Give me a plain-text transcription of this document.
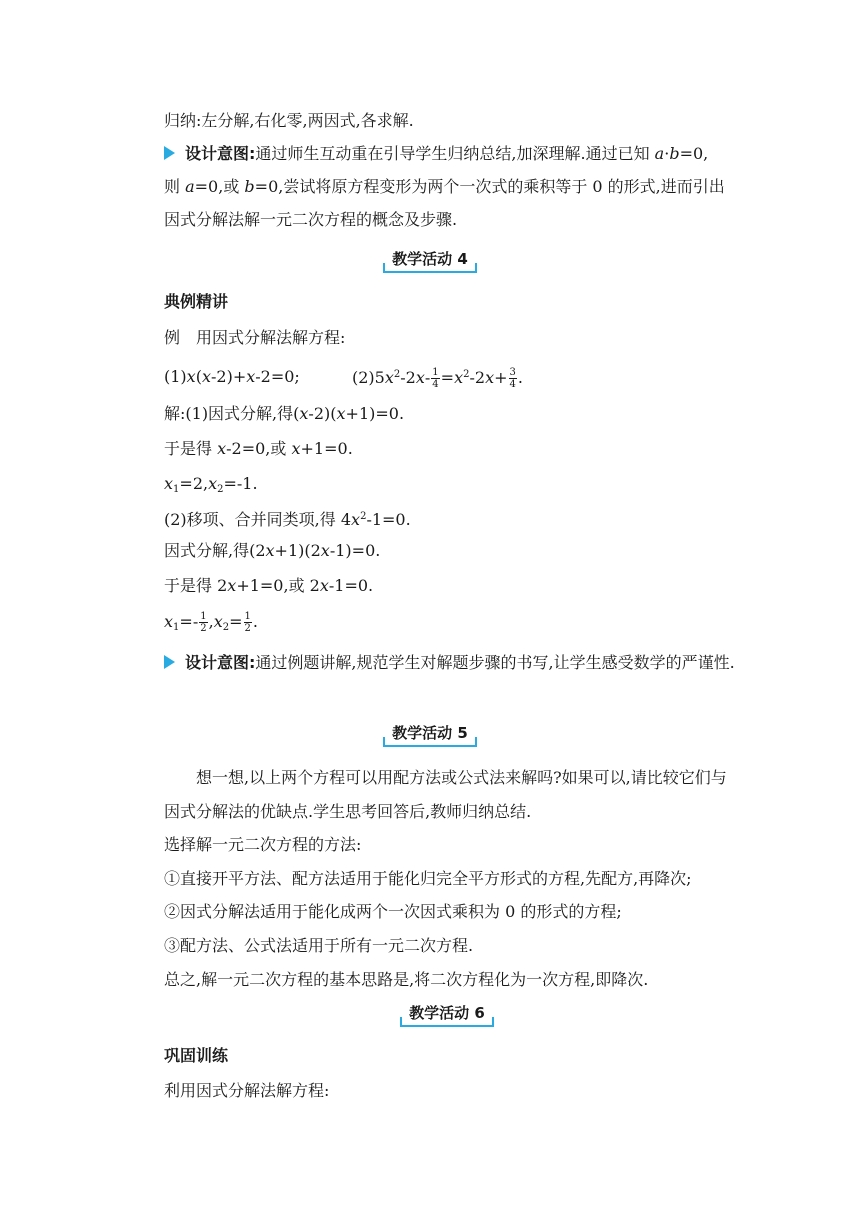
归纳:左分解,右化零,两因式,各求解.
设计意图:通过师生互动重在引导学生归纳总结,加深理解.通过已知 a·b=0,
则 a=0,或 b=0,尝试将原方程变形为两个一次式的乘积等于 0 的形式,进而引出因式分解法解一元二次方程的概念及步骤.
教学活动 4
典例精讲
例　用因式分解法解方程:
(1)x(x-2)+x-2=0;	$(2)5x^2-2x- \frac{1}{4} =x^2-2x+ \frac{3}{4}$ .
解:(1)因式分解,得(x-2)(x+1)=0.
于是得 x-2=0,或 x+1=0.
$x_1=2,x_2=-1$.
(2)移项、合并同类项,得 $4x^2-1=0$.
因式分解,得(2x+1)(2x-1)=0.
于是得 2x+1=0,或 2x-1=0.
$x_1=- \frac{1}{2} ,x_2= \frac{1}{2}$ .
设计意图:通过例题讲解,规范学生对解题步骤的书写,让学生感受数学的严谨性.
教学活动 5
想一想,以上两个方程可以用配方法或公式法来解吗?如果可以,请比较它们与因式分解法的优缺点.学生思考回答后,教师归纳总结.
选择解一元二次方程的方法:
①直接开平方法、配方法适用于能化归完全平方形式的方程,先配方,再降次;
②因式分解法适用于能化成两个一次因式乘积为 0 的形式的方程;
③配方法、公式法适用于所有一元二次方程.
总之,解一元二次方程的基本思路是,将二次方程化为一次方程,即降次.
教学活动 6
巩固训练
利用因式分解法解方程:
